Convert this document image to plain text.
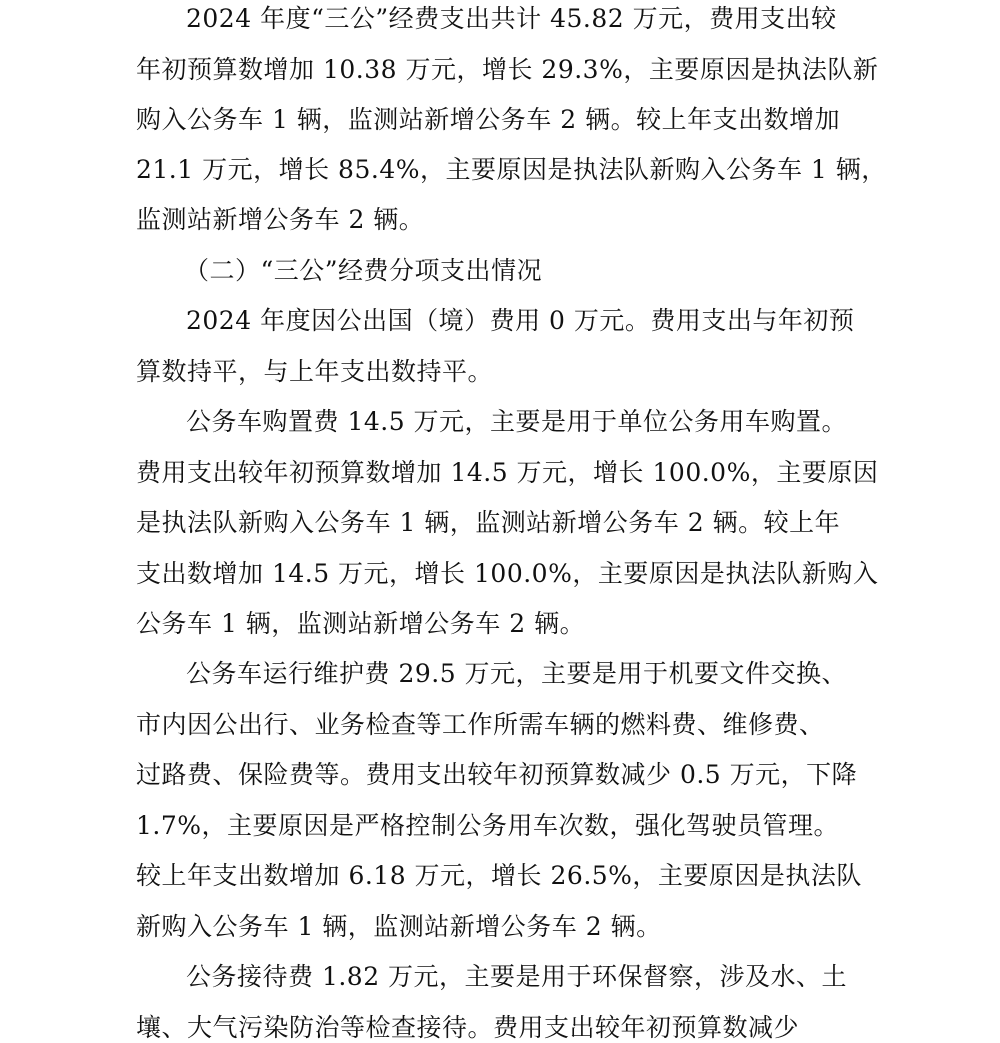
2024 年度“三公”经费支出共计 45.82 万元，费用支出较
年初预算数增加 10.38 万元，增长 29.3%，主要原因是执法队新
购入公务车 1 辆，监测站新增公务车 2 辆。较上年支出数增加
21.1 万元，增长 85.4%，主要原因是执法队新购入公务车 1 辆，
监测站新增公务车 2 辆。
（二）“三公”经费分项支出情况
2024 年度因公出国（境）费用 0 万元。费用支出与年初预
算数持平，与上年支出数持平。
公务车购置费 14.5 万元，主要是用于单位公务用车购置。
费用支出较年初预算数增加 14.5 万元，增长 100.0%，主要原因
是执法队新购入公务车 1 辆，监测站新增公务车 2 辆。较上年
支出数增加 14.5 万元，增长 100.0%，主要原因是执法队新购入
公务车 1 辆，监测站新增公务车 2 辆。
公务车运行维护费 29.5 万元，主要是用于机要文件交换、
市内因公出行、业务检查等工作所需车辆的燃料费、维修费、
过路费、保险费等。费用支出较年初预算数减少 0.5 万元，下降
1.7%，主要原因是严格控制公务用车次数，强化驾驶员管理。
较上年支出数增加 6.18 万元，增长 26.5%，主要原因是执法队
新购入公务车 1 辆，监测站新增公务车 2 辆。
公务接待费 1.82 万元，主要是用于环保督察，涉及水、土
壤、大气污染防治等检查接待。费用支出较年初预算数减少
